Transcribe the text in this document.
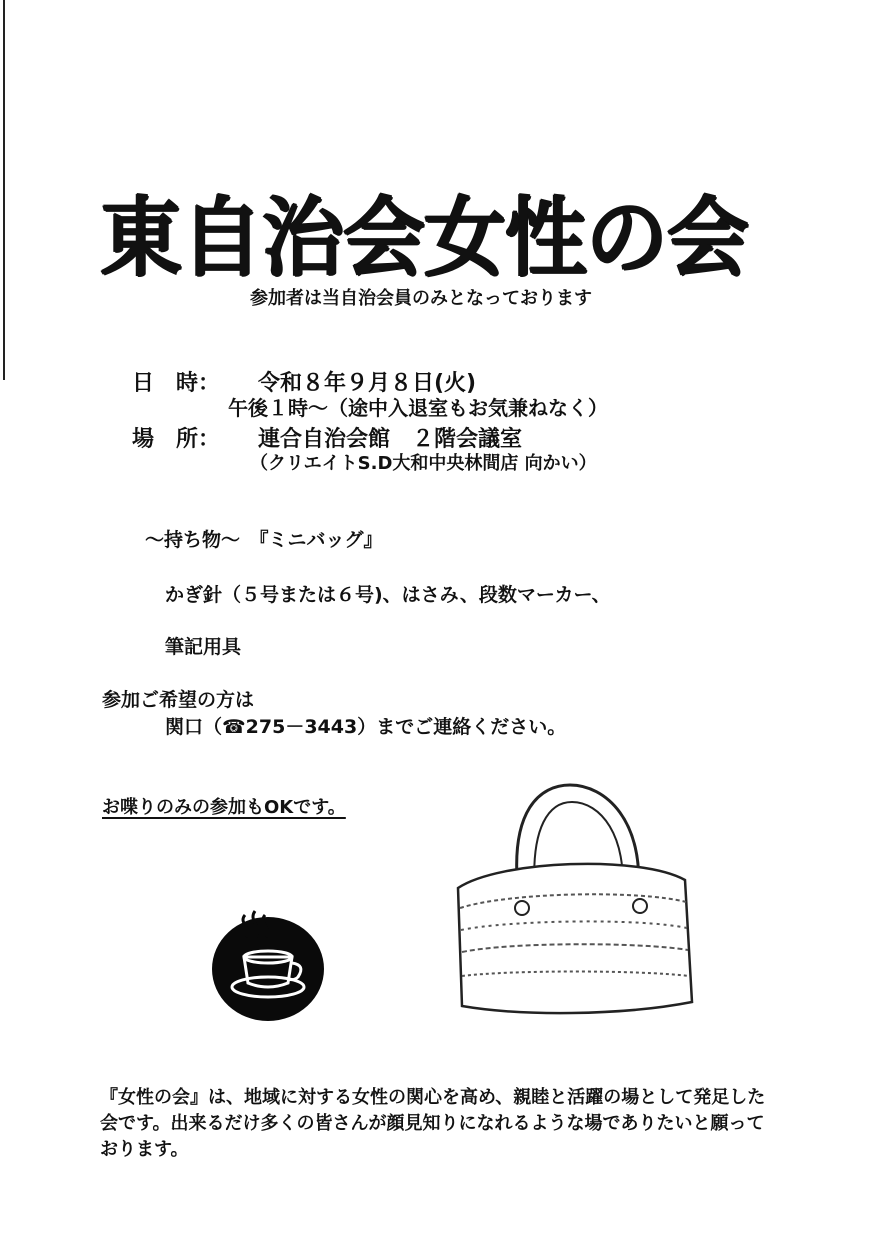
東自治会女性の会
参加者は当自治会員のみとなっております
日　時： 令和８年９月８日(火)
午後１時～（途中入退室もお気兼ねなく）
場　所： 連合自治会館　２階会議室
（クリエイトS.D大和中央林間店 向かい）
～持ち物～　『ミニバッグ』
かぎ針（５号または６号)、はさみ、段数マーカー、
筆記用具
参加ご希望の方は
関口（☎275－3443）までご連絡ください。
お喋りのみの参加もOKです。
『女性の会』は、地域に対する女性の関心を高め、親睦と活躍の場として発足した会です。出来るだけ多くの皆さんが顔見知りになれるような場でありたいと願っております。
